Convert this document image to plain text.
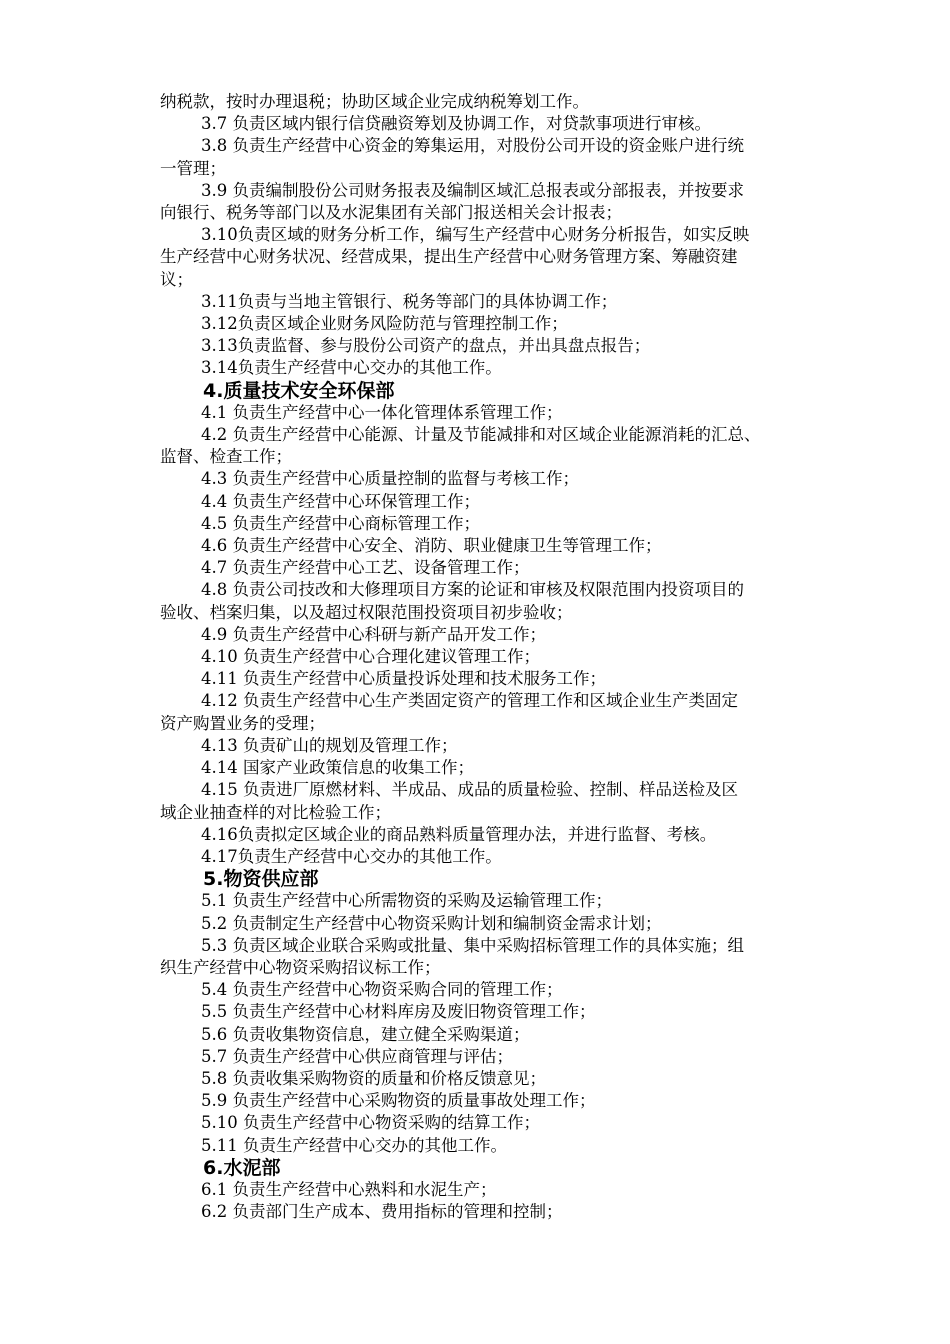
纳税款，按时办理退税；协助区域企业完成纳税筹划工作。
3.7 负责区域内银行信贷融资筹划及协调工作，对贷款事项进行审核。
3.8 负责生产经营中心资金的筹集运用，对股份公司开设的资金账户进行统
一管理；
3.9 负责编制股份公司财务报表及编制区域汇总报表或分部报表，并按要求
向银行、税务等部门以及水泥集团有关部门报送相关会计报表；
3.10负责区域的财务分析工作，编写生产经营中心财务分析报告，如实反映
生产经营中心财务状况、经营成果，提出生产经营中心财务管理方案、筹融资建
议；
3.11负责与当地主管银行、税务等部门的具体协调工作；
3.12负责区域企业财务风险防范与管理控制工作；
3.13负责监督、参与股份公司资产的盘点，并出具盘点报告；
3.14负责生产经营中心交办的其他工作。
4.质量技术安全环保部
4.1 负责生产经营中心一体化管理体系管理工作；
4.2 负责生产经营中心能源、计量及节能减排和对区域企业能源消耗的汇总、
监督、检查工作；
4.3 负责生产经营中心质量控制的监督与考核工作；
4.4 负责生产经营中心环保管理工作；
4.5 负责生产经营中心商标管理工作；
4.6 负责生产经营中心安全、消防、职业健康卫生等管理工作；
4.7 负责生产经营中心工艺、设备管理工作；
4.8 负责公司技改和大修理项目方案的论证和审核及权限范围内投资项目的
验收、档案归集，以及超过权限范围投资项目初步验收；
4.9 负责生产经营中心科研与新产品开发工作；
4.10 负责生产经营中心合理化建议管理工作；
4.11 负责生产经营中心质量投诉处理和技术服务工作；
4.12 负责生产经营中心生产类固定资产的管理工作和区域企业生产类固定
资产购置业务的受理；
4.13 负责矿山的规划及管理工作；
4.14 国家产业政策信息的收集工作；
4.15 负责进厂原燃材料、半成品、成品的质量检验、控制、样品送检及区
域企业抽查样的对比检验工作；
4.16负责拟定区域企业的商品熟料质量管理办法，并进行监督、考核。
4.17负责生产经营中心交办的其他工作。
5.物资供应部
5.1 负责生产经营中心所需物资的采购及运输管理工作；
5.2 负责制定生产经营中心物资采购计划和编制资金需求计划；
5.3 负责区域企业联合采购或批量、集中采购招标管理工作的具体实施；组
织生产经营中心物资采购招议标工作；
5.4 负责生产经营中心物资采购合同的管理工作；
5.5 负责生产经营中心材料库房及废旧物资管理工作；
5.6 负责收集物资信息，建立健全采购渠道；
5.7 负责生产经营中心供应商管理与评估；
5.8 负责收集采购物资的质量和价格反馈意见；
5.9 负责生产经营中心采购物资的质量事故处理工作；
5.10 负责生产经营中心物资采购的结算工作；
5.11 负责生产经营中心交办的其他工作。
6.水泥部
6.1 负责生产经营中心熟料和水泥生产；
6.2 负责部门生产成本、费用指标的管理和控制；
